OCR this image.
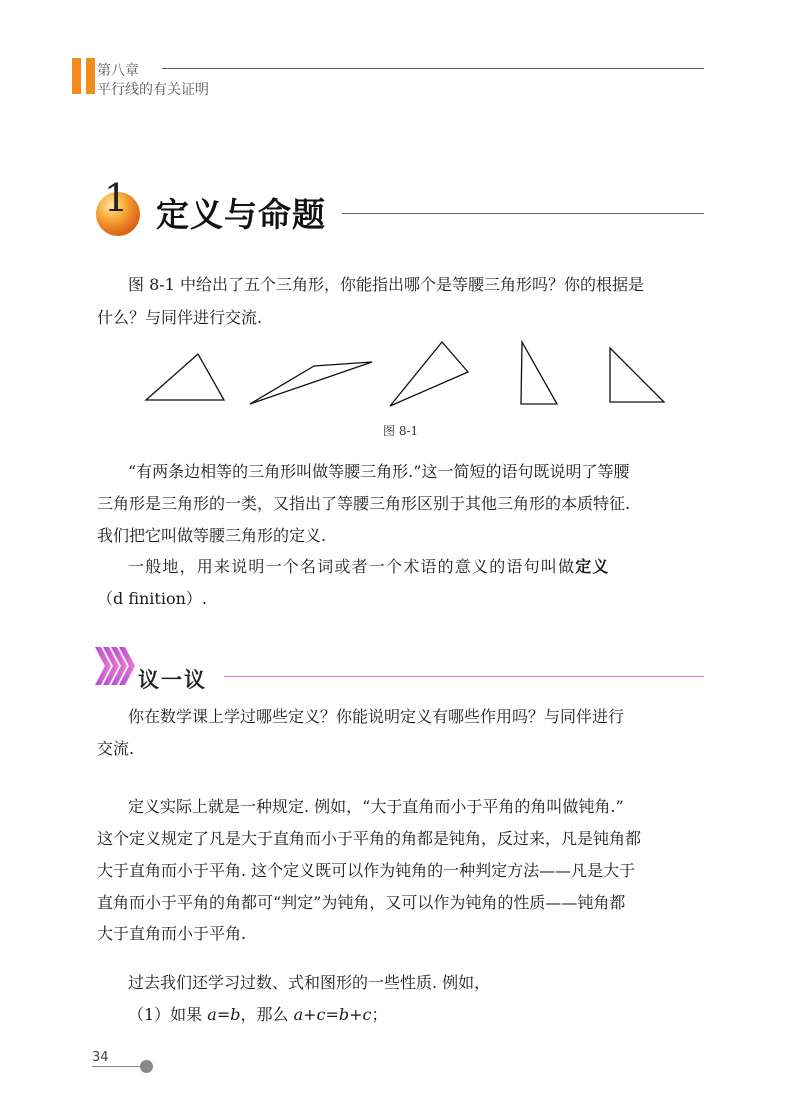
第八章
平行线的有关证明
1 定义与命题
图 8-1 中给出了五个三角形，你能指出哪个是等腰三角形吗？你的根据是
什么？与同伴进行交流.
图 8-1
“有两条边相等的三角形叫做等腰三角形.”这一简短的语句既说明了等腰
三角形是三角形的一类，又指出了等腰三角形区别于其他三角形的本质特征.
我们把它叫做等腰三角形的定义.
一般地，用来说明一个名词或者一个术语的意义的语句叫做定义
（d finition）.
议一议
你在数学课上学过哪些定义？你能说明定义有哪些作用吗？与同伴进行
交流.
定义实际上就是一种规定. 例如，“大于直角而小于平角的角叫做钝角.”
这个定义规定了凡是大于直角而小于平角的角都是钝角，反过来，凡是钝角都
大于直角而小于平角. 这个定义既可以作为钝角的一种判定方法——凡是大于
直角而小于平角的角都可“判定”为钝角，又可以作为钝角的性质——钝角都
大于直角而小于平角.
过去我们还学习过数、式和图形的一些性质. 例如，
（1）如果 a=b，那么 a+c=b+c；
34
